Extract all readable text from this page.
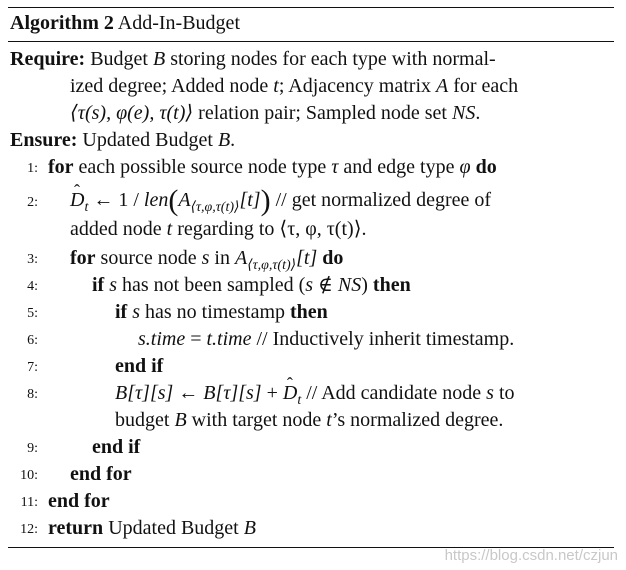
Algorithm 2 Add-In-Budget
Require: Budget B storing nodes for each type with normal-
ized degree; Added node t; Adjacency matrix A for each
⟨τ(s), φ(e), τ(t)⟩ relation pair; Sampled node set NS.
Ensure: Updated Budget B.
1: for each possible source node type τ and edge type φ do
2:
ˆ	$D_t$ ← $1 / len(A_{⟨\tau,\varphi,\tau(t)⟩}[t])$ // get normalized degree of
added node t regarding to ⟨τ, φ, τ(t)⟩.
3:	for source node s in $A_{⟨\tau,\varphi,\tau(t)⟩}[t]$ do
4:	if s has not been sampled (s ∉ NS) then
5:	if s has no timestamp then
6:	s.time = t.time // Inductively inherit timestamp.
7:	end if
8:	B[τ][s] ← B[τ][s] + ˆ $D_t$ // Add candidate node s to
budget B with target node t’s normalized degree.
9:	end if
10:	end for
11: end for
12: return Updated Budget B
https://blog.csdn.net/czjun
